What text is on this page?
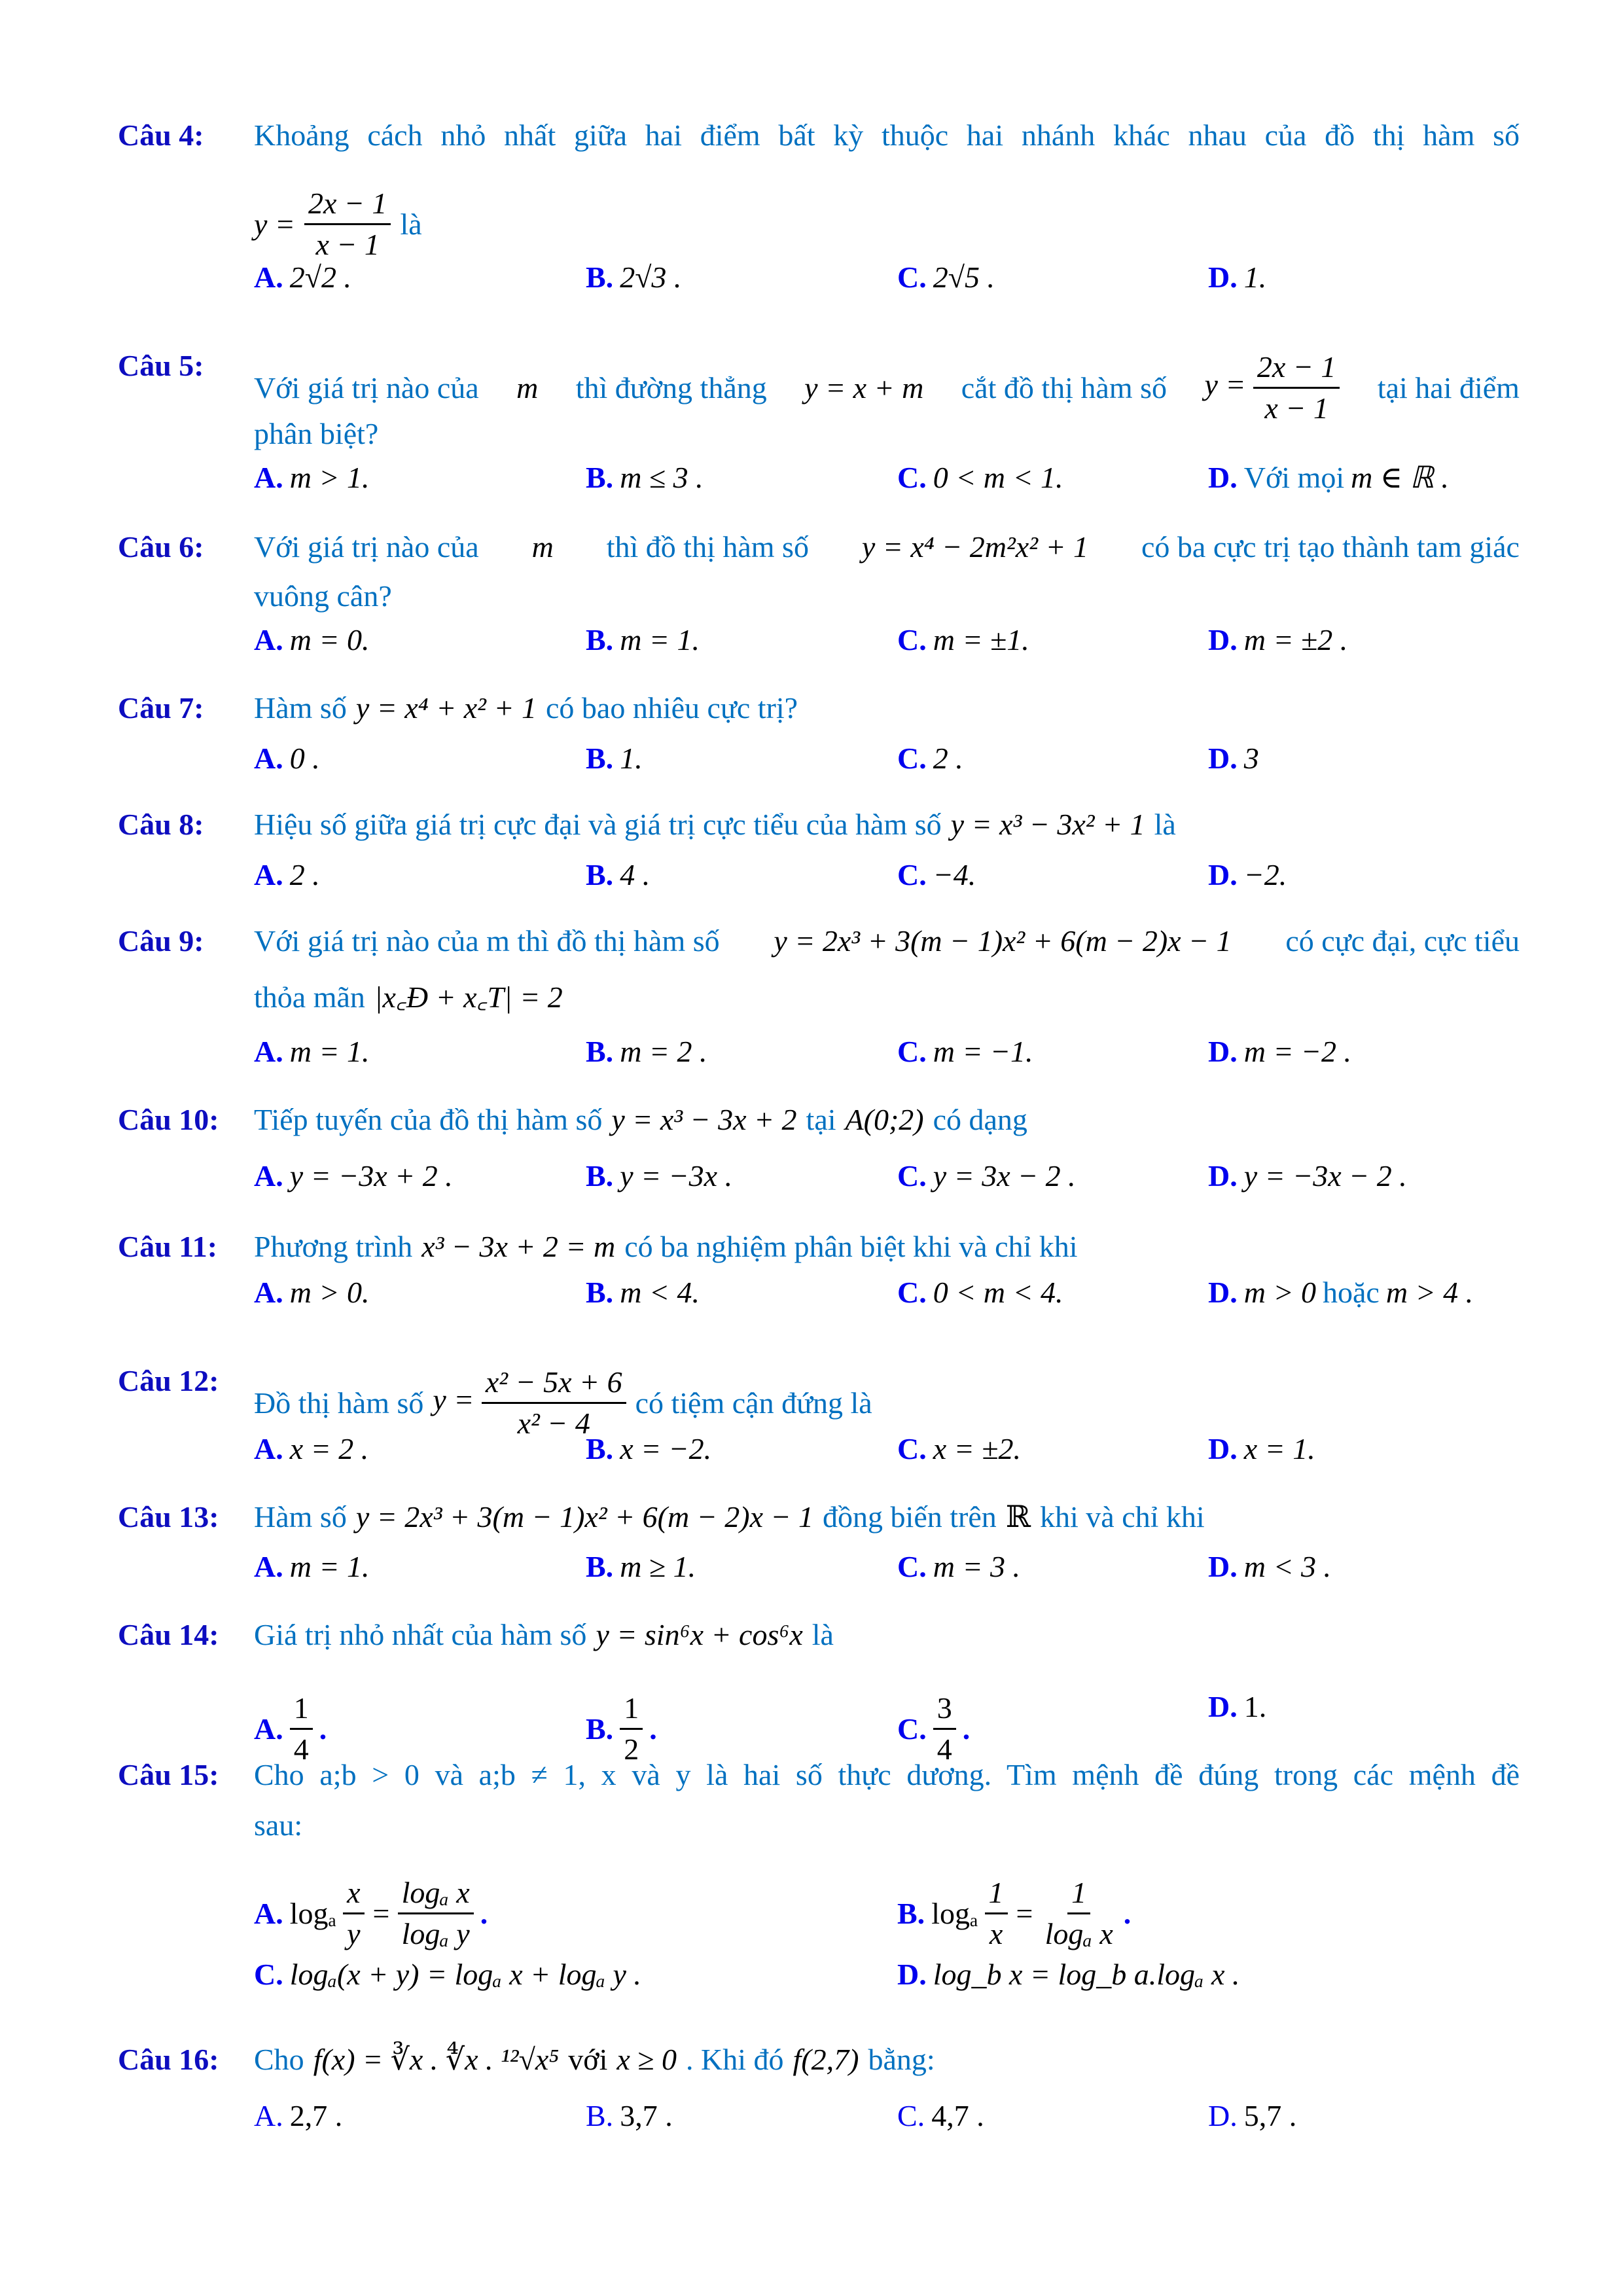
Câu 4: Khoảng cách nhỏ nhất giữa hai điểm bất kỳ thuộc hai nhánh khác nhau của đồ thị hàm số
$y = \frac{2x - 1}{x - 1}$ là
A. 2√2 .	B. 2√3 .	C. 2√5 .	D. 1.
Câu 5:
Với giá trị nào của m thì đường thẳng y = x + m cắt đồ thị hàm số $y = \frac{2x - 1}{x - 1}$ tại hai điểm
phân biệt?
A. m > 1.	B. m ≤ 3 .	C. 0 < m < 1.	D. Với mọi m ∈ ℝ .
Câu 6: Với giá trị nào của m thì đồ thị hàm số y = x⁴ − 2m²x² + 1 có ba cực trị tạo thành tam giác
vuông cân?
A. m = 0.	B. m = 1.	C. m = ±1.	D. m = ±2 .
Câu 7: Hàm số y = x⁴ + x² + 1 có bao nhiêu cực trị?
A. 0 .	B. 1.	C. 2 .	D. 3
Câu 8: Hiệu số giữa giá trị cực đại và giá trị cực tiểu của hàm số y = x³ − 3x² + 1 là
A. 2 .	B. 4 .	C. −4.	D. −2.
Câu 9: Với giá trị nào của m thì đồ thị hàm số y = 2x³ + 3(m − 1)x² + 6(m − 2)x − 1 có cực đại, cực tiểu
thỏa mãn |x꜀Đ + x꜀T| = 2
A. m = 1.	B. m = 2 .	C. m = −1.	D. m = −2 .
Câu 10: Tiếp tuyến của đồ thị hàm số y = x³ − 3x + 2 tại A(0;2) có dạng
A. y = −3x + 2 .	B. y = −3x .	C. y = 3x − 2 .	D. y = −3x − 2 .
Câu 11: Phương trình x³ − 3x + 2 = m có ba nghiệm phân biệt khi và chỉ khi
A. m > 0.	B. m < 4.	C. 0 < m < 4.	D. m > 0 hoặc m > 4 .
Câu 12:
Đồ thị hàm số $y = \frac{\text{x² − 5x + 6}}{\text{x² − 4}}$ có tiệm cận đứng là
A. x = 2 .	B. x = −2.	C. x = ±2.	D. x = 1.
Câu 13: Hàm số y = 2x³ + 3(m − 1)x² + 6(m − 2)x − 1 đồng biến trên ℝ khi và chỉ khi
A. m = 1.	B. m ≥ 1.	C. m = 3 .	D. m < 3 .
Câu 14: Giá trị nhỏ nhất của hàm số y = sin⁶x + cos⁶x là
A. $\frac{1}{4}$ .	B. $\frac{1}{2}$ .	C. $\frac{3}{4}$ .
D. 1.
Câu 15: Cho a;b > 0 và a;b ≠ 1, x và y là hai số thực dương. Tìm mệnh đề đúng trong các mệnh đề
sau:
A. logₐ $\frac{x}{y} = \frac{\text{logₐ x}}{\text{logₐ y}}$ .	B. logₐ $\frac{1}{x} = \frac{1}{\text{logₐ x}}$ .
C. logₐ(x + y) = logₐ x + logₐ y .	D. log_b x = log_b a.logₐ x .
Câu 16: Cho f(x) = ∛x . ∜x . ¹²√x⁵ với x ≥ 0 . Khi đó f(2,7) bằng:
A. 2,7 .	B. 3,7 .	C. 4,7 .	D. 5,7 .
